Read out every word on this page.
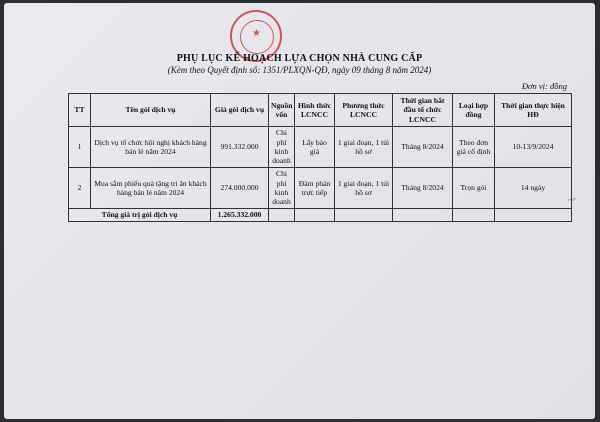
★
PHỤ LỤC KẾ HOẠCH LỰA CHỌN NHÀ CUNG CẤP
(Kèm theo Quyết định số: 1351/PLXQN-QĐ, ngày 09 tháng 8 năm 2024)
Đơn vị: đồng
TT	Tên gói dịch vụ	Giá gói dịch vụ	Nguồn vốn	Hình thức LCNCC	Phương thức LCNCC	Thời gian bắt đầu tổ chức LCNCC	Loại hợp đồng	Thời gian thực hiện HĐ
1	Dịch vụ tổ chức hội nghị khách hàng bán lẻ năm 2024	991.332.000	Chi phí kinh doanh	Lấy báo giá	1 giai đoạn, 1 túi hồ sơ	Tháng 8/2024	Theo đơn giá cố định	10-13/9/2024
2	Mua sắm phiếu quà tặng tri ân khách hàng bán lẻ năm 2024	274.000.000	Chi phí kinh doanh	Đàm phán trực tiếp	1 giai đoạn, 1 túi hồ sơ	Tháng 8/2024	Trọn gói	14 ngày
Tổng giá trị gói dịch vụ		1.265.332.000						
~⌐
